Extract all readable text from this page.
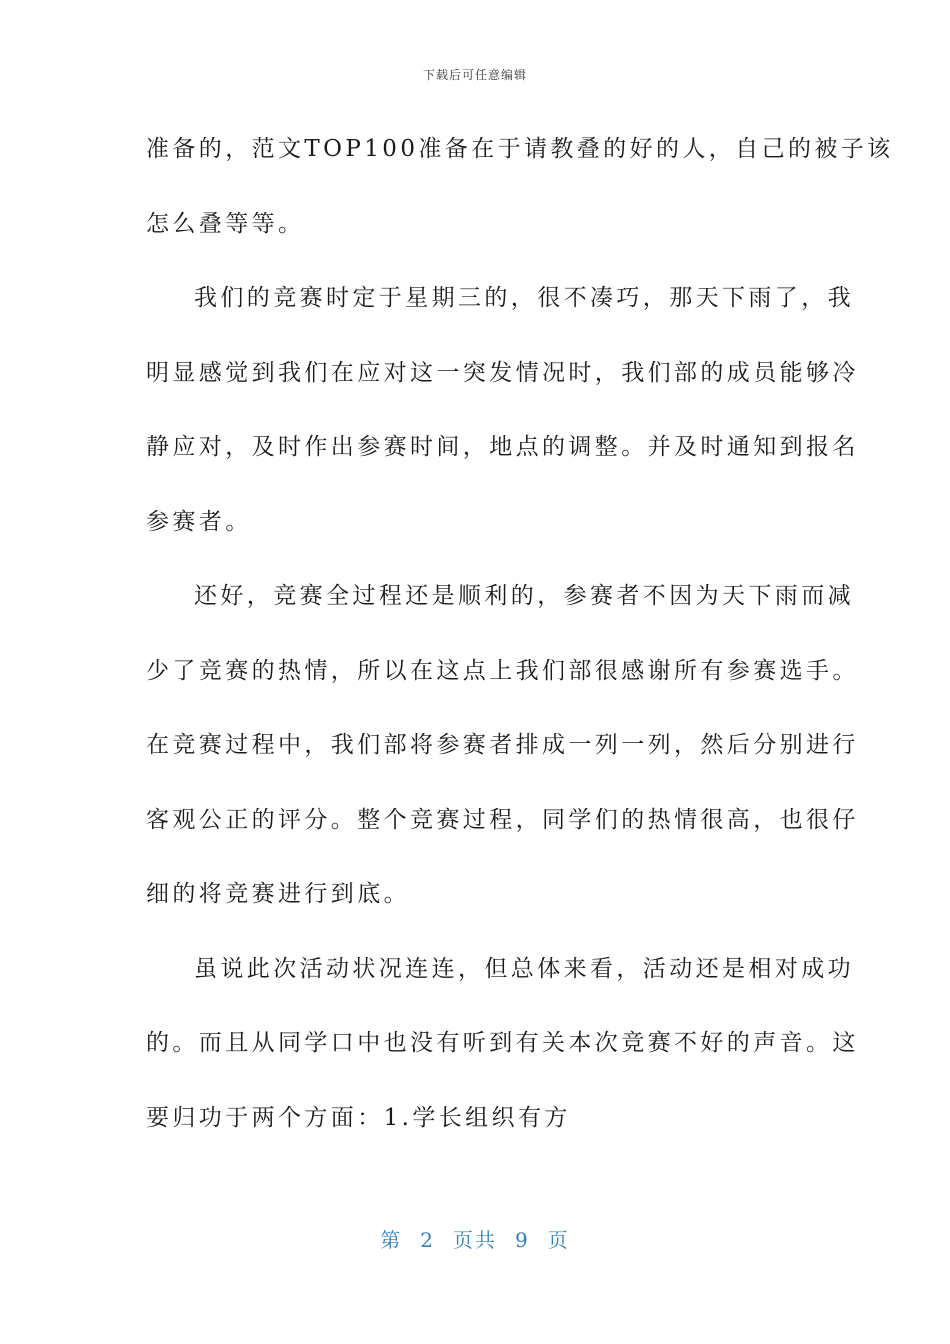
下载后可任意编辑
准备的，范文TOP100准备在于请教叠的好的人，自己的被子该
怎么叠等等。
我们的竞赛时定于星期三的，很不凑巧，那天下雨了，我
明显感觉到我们在应对这一突发情况时，我们部的成员能够冷
静应对，及时作出参赛时间，地点的调整。并及时通知到报名
参赛者。
还好，竞赛全过程还是顺利的，参赛者不因为天下雨而减
少了竞赛的热情，所以在这点上我们部很感谢所有参赛选手。
在竞赛过程中，我们部将参赛者排成一列一列，然后分别进行
客观公正的评分。整个竞赛过程，同学们的热情很高，也很仔
细的将竞赛进行到底。
虽说此次活动状况连连，但总体来看，活动还是相对成功
的。而且从同学口中也没有听到有关本次竞赛不好的声音。这
要归功于两个方面：1.学长组织有方
第 2 页共 9 页
